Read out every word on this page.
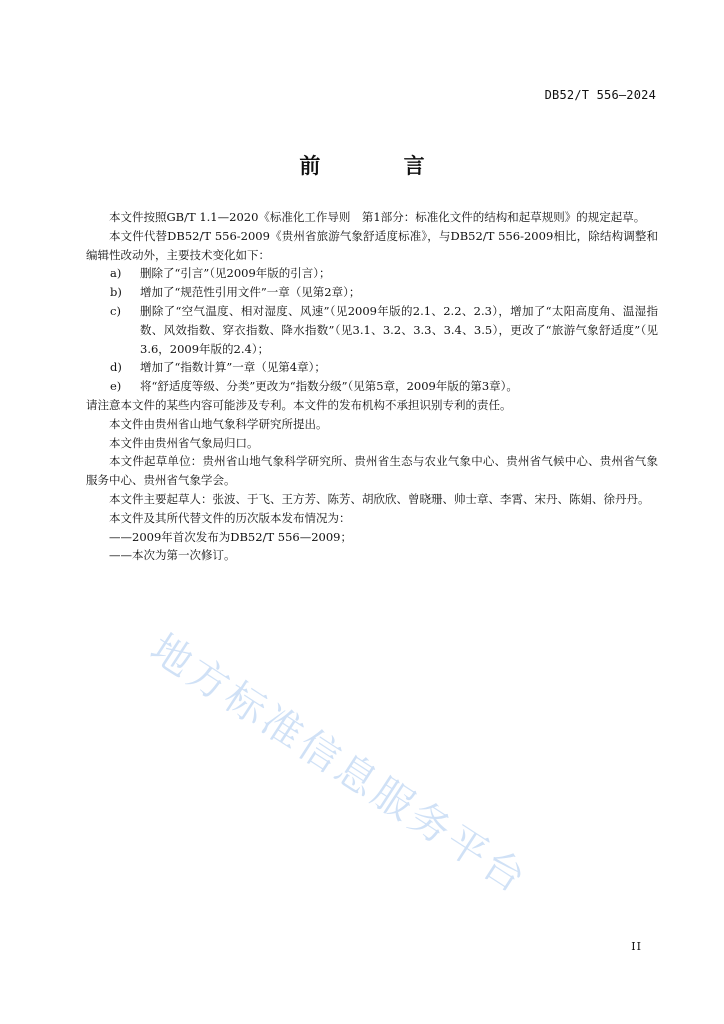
DB52/T 556—2024
前 言

本文件按照GB/T 1.1—2020《标准化工作导则　第1部分：标准化文件的结构和起草规则》的规定起草。

本文件代替DB52/T 556-2009《贵州省旅游气象舒适度标准》，与DB52/T 556-2009相比，除结构调整和编辑性改动外，主要技术变化如下：

a)	删除了“引言”（见2009年版的引言）；
b)	增加了“规范性引用文件”一章（见第2章）；
c)	删除了“空气温度、相对湿度、风速”（见2009年版的2.1、2.2、2.3），增加了“太阳高度角、温湿指数、风效指数、穿衣指数、降水指数”（见3.1、3.2、3.3、3.4、3.5），更改了“旅游气象舒适度”（见3.6，2009年版的2.4）；
d)	增加了“指数计算”一章（见第4章）；
e)	将“舒适度等级、分类”更改为“指数分级”（见第5章，2009年版的第3章）。

请注意本文件的某些内容可能涉及专利。本文件的发布机构不承担识别专利的责任。

本文件由贵州省山地气象科学研究所提出。

本文件由贵州省气象局归口。

本文件起草单位：贵州省山地气象科学研究所、贵州省生态与农业气象中心、贵州省气候中心、贵州省气象服务中心、贵州省气象学会。

本文件主要起草人：张波、于飞、王方芳、陈芳、胡欣欣、曾晓珊、帅士章、李霄、宋丹、陈娟、徐丹丹。

本文件及其所代替文件的历次版本发布情况为：

——2009年首次发布为DB52/T 556—2009；

——本次为第一次修订。

地方标准信息服务平台
II
